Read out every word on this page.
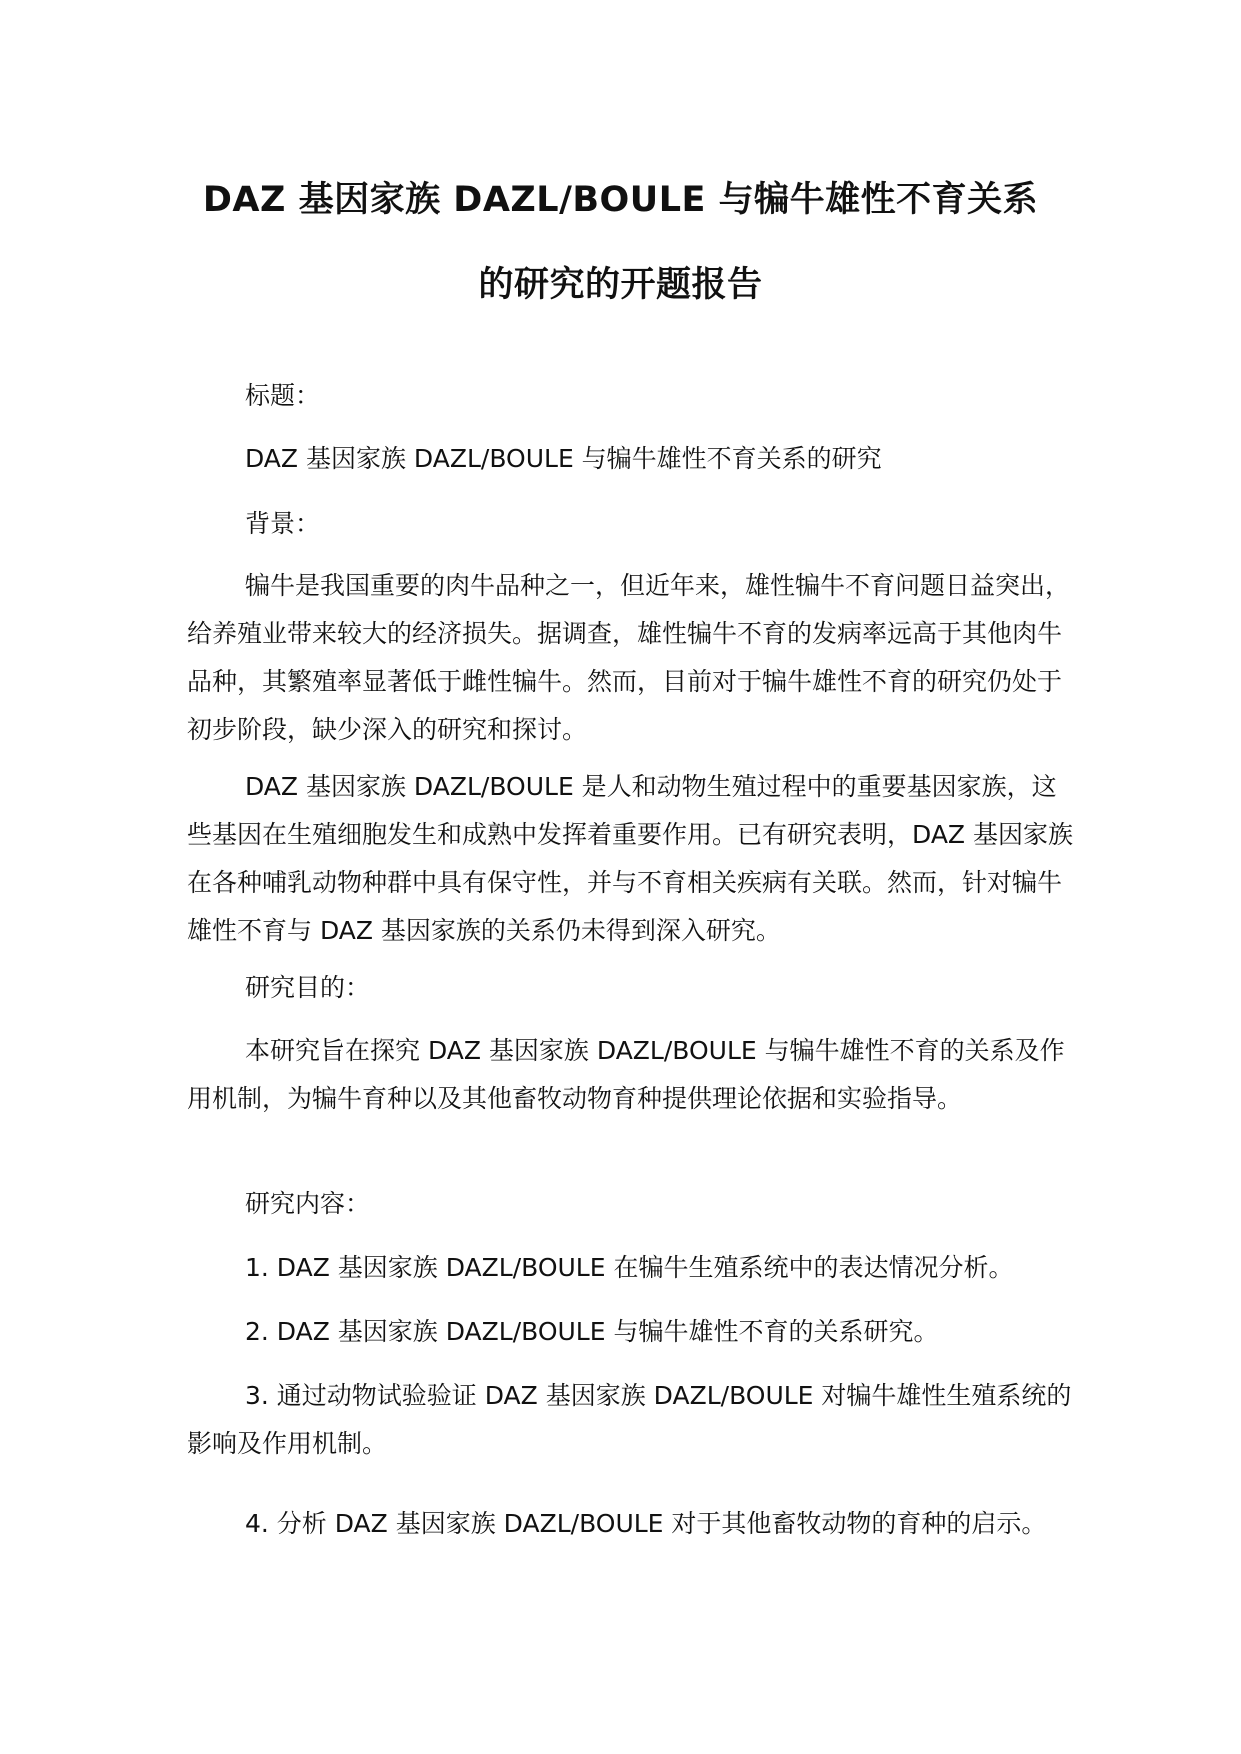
DAZ 基因家族 DAZL/BOULE 与犏牛雄性不育关系
的研究的开题报告

标题：

DAZ 基因家族 DAZL/BOULE 与犏牛雄性不育关系的研究

背景：

犏牛是我国重要的肉牛品种之一，但近年来，雄性犏牛不育问题日益突出，给养殖业带来较大的经济损失。据调查，雄性犏牛不育的发病率远高于其他肉牛品种，其繁殖率显著低于雌性犏牛。然而，目前对于犏牛雄性不育的研究仍处于初步阶段，缺少深入的研究和探讨。

DAZ 基因家族 DAZL/BOULE 是人和动物生殖过程中的重要基因家族，这些基因在生殖细胞发生和成熟中发挥着重要作用。已有研究表明，DAZ 基因家族在各种哺乳动物种群中具有保守性，并与不育相关疾病有关联。然而，针对犏牛雄性不育与 DAZ 基因家族的关系仍未得到深入研究。

研究目的：

本研究旨在探究 DAZ 基因家族 DAZL/BOULE 与犏牛雄性不育的关系及作用机制，为犏牛育种以及其他畜牧动物育种提供理论依据和实验指导。

研究内容：

1. DAZ 基因家族 DAZL/BOULE 在犏牛生殖系统中的表达情况分析。

2. DAZ 基因家族 DAZL/BOULE 与犏牛雄性不育的关系研究。

3. 通过动物试验验证 DAZ 基因家族 DAZL/BOULE 对犏牛雄性生殖系统的影响及作用机制。

4. 分析 DAZ 基因家族 DAZL/BOULE 对于其他畜牧动物的育种的启示。
